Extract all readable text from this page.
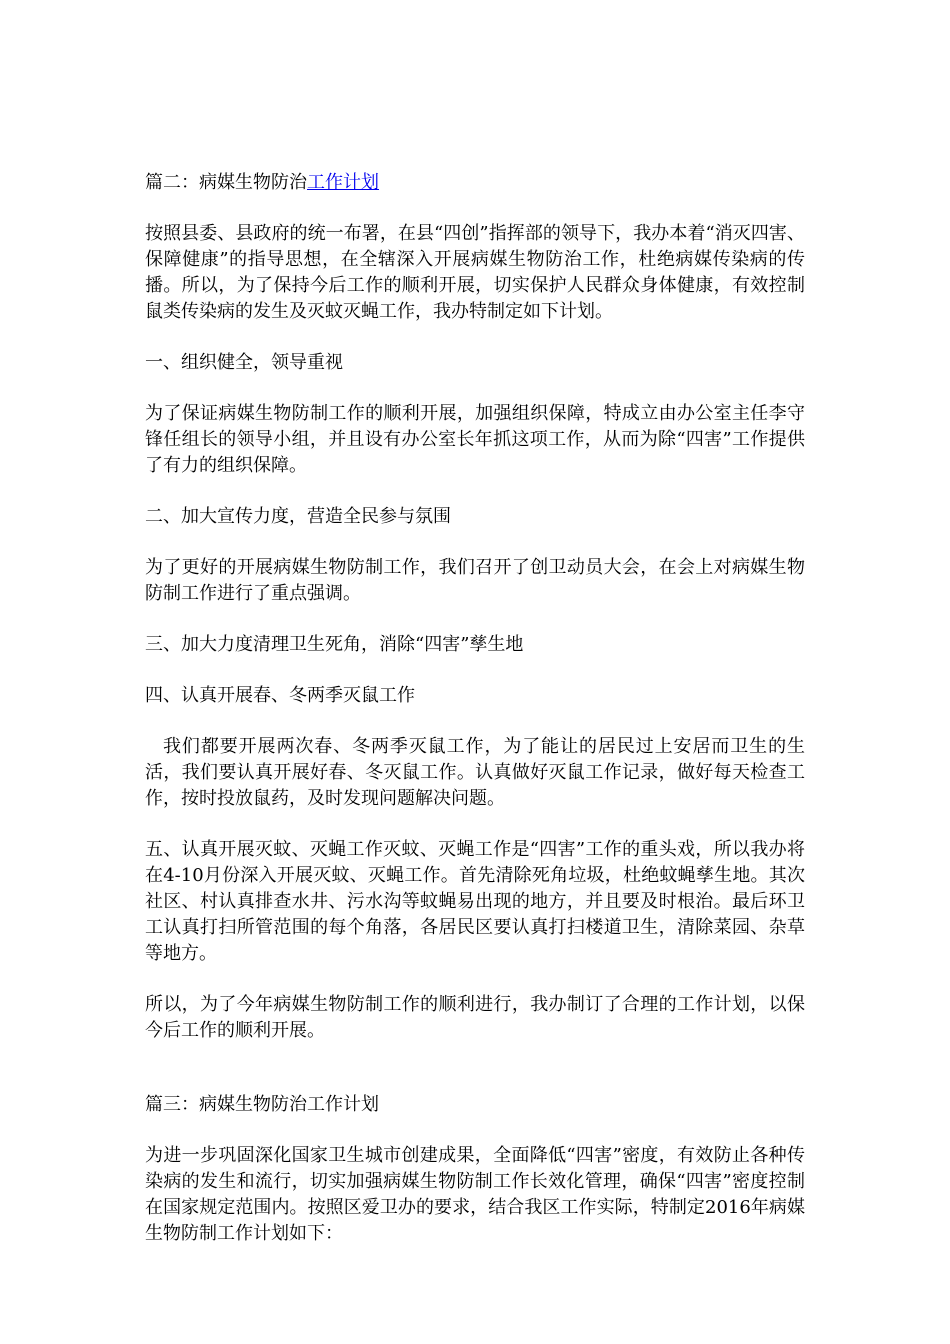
篇二：病媒生物防治工作计划

按照县委、县政府的统一布署，在县“四创”指挥部的领导下，我办本着“消灭四害、保障健康”的指导思想，在全辖深入开展病媒生物防治工作，杜绝病媒传染病的传播。所以，为了保持今后工作的顺利开展，切实保护人民群众身体健康，有效控制鼠类传染病的发生及灭蚊灭蝇工作，我办特制定如下计划。

一、组织健全，领导重视

为了保证病媒生物防制工作的顺利开展，加强组织保障，特成立由办公室主任李守锋任组长的领导小组，并且设有办公室长年抓这项工作，从而为除“四害”工作提供了有力的组织保障。

二、加大宣传力度，营造全民参与氛围

为了更好的开展病媒生物防制工作，我们召开了创卫动员大会，在会上对病媒生物防制工作进行了重点强调。

三、加大力度清理卫生死角，消除“四害”孳生地

四、认真开展春、冬两季灭鼠工作

我们都要开展两次春、冬两季灭鼠工作，为了能让的居民过上安居而卫生的生活，我们要认真开展好春、冬灭鼠工作。认真做好灭鼠工作记录，做好每天检查工作，按时投放鼠药，及时发现问题解决问题。

五、认真开展灭蚊、灭蝇工作灭蚊、灭蝇工作是“四害”工作的重头戏，所以我办将在4-10月份深入开展灭蚊、灭蝇工作。首先清除死角垃圾，杜绝蚊蝇孳生地。其次社区、村认真排查水井、污水沟等蚊蝇易出现的地方，并且要及时根治。最后环卫工认真打扫所管范围的每个角落，各居民区要认真打扫楼道卫生，清除菜园、杂草等地方。

所以，为了今年病媒生物防制工作的顺利进行，我办制订了合理的工作计划，以保今后工作的顺利开展。

篇三：病媒生物防治工作计划

为进一步巩固深化国家卫生城市创建成果，全面降低“四害”密度，有效防止各种传染病的发生和流行，切实加强病媒生物防制工作长效化管理，确保“四害”密度控制在国家规定范围内。按照区爱卫办的要求，结合我区工作实际，特制定2016年病媒生物防制工作计划如下：
